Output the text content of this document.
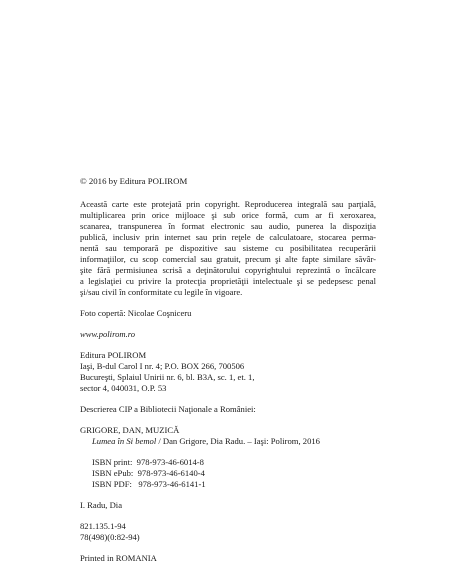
© 2016 by Editura POLIROM
Această carte este protejată prin copyright. Reproducerea integrală sau parţială,
multiplicarea prin orice mijloace şi sub orice formă, cum ar fi xeroxarea,
scanarea, transpunerea în format electronic sau audio, punerea la dispoziţia
publică, inclusiv prin internet sau prin reţele de calculatoare, stocarea perma-
nentă sau temporară pe dispozitive sau sisteme cu posibilitatea recuperării
informaţiilor, cu scop comercial sau gratuit, precum şi alte fapte similare săvâr-
şite fără permisiunea scrisă a deţinătorului copyrightului reprezintă o încălcare
a legislaţiei cu privire la protecţia proprietăţii intelectuale şi se pedepsesc penal
şi/sau civil în conformitate cu legile în vigoare.
Foto copertă: Nicolae Coşniceru
www.polirom.ro
Editura POLIROM
Iaşi, B-dul Carol I nr. 4; P.O. BOX 266, 700506
Bucureşti, Splaiul Unirii nr. 6, bl. B3A, sc. 1, et. 1,
sector 4, 040031, O.P. 53
Descrierea CIP a Bibliotecii Naţionale a României:
GRIGORE, DAN, MUZICĂ
Lumea în Si bemol / Dan Grigore, Dia Radu. – Iaşi: Polirom, 2016
ISBN print:  978-973-46-6014-8
ISBN ePub:  978-973-46-6140-4
ISBN PDF:   978-973-46-6141-1
I. Radu, Dia
821.135.1-94
78(498)(0:82-94)
Printed in ROMANIA
